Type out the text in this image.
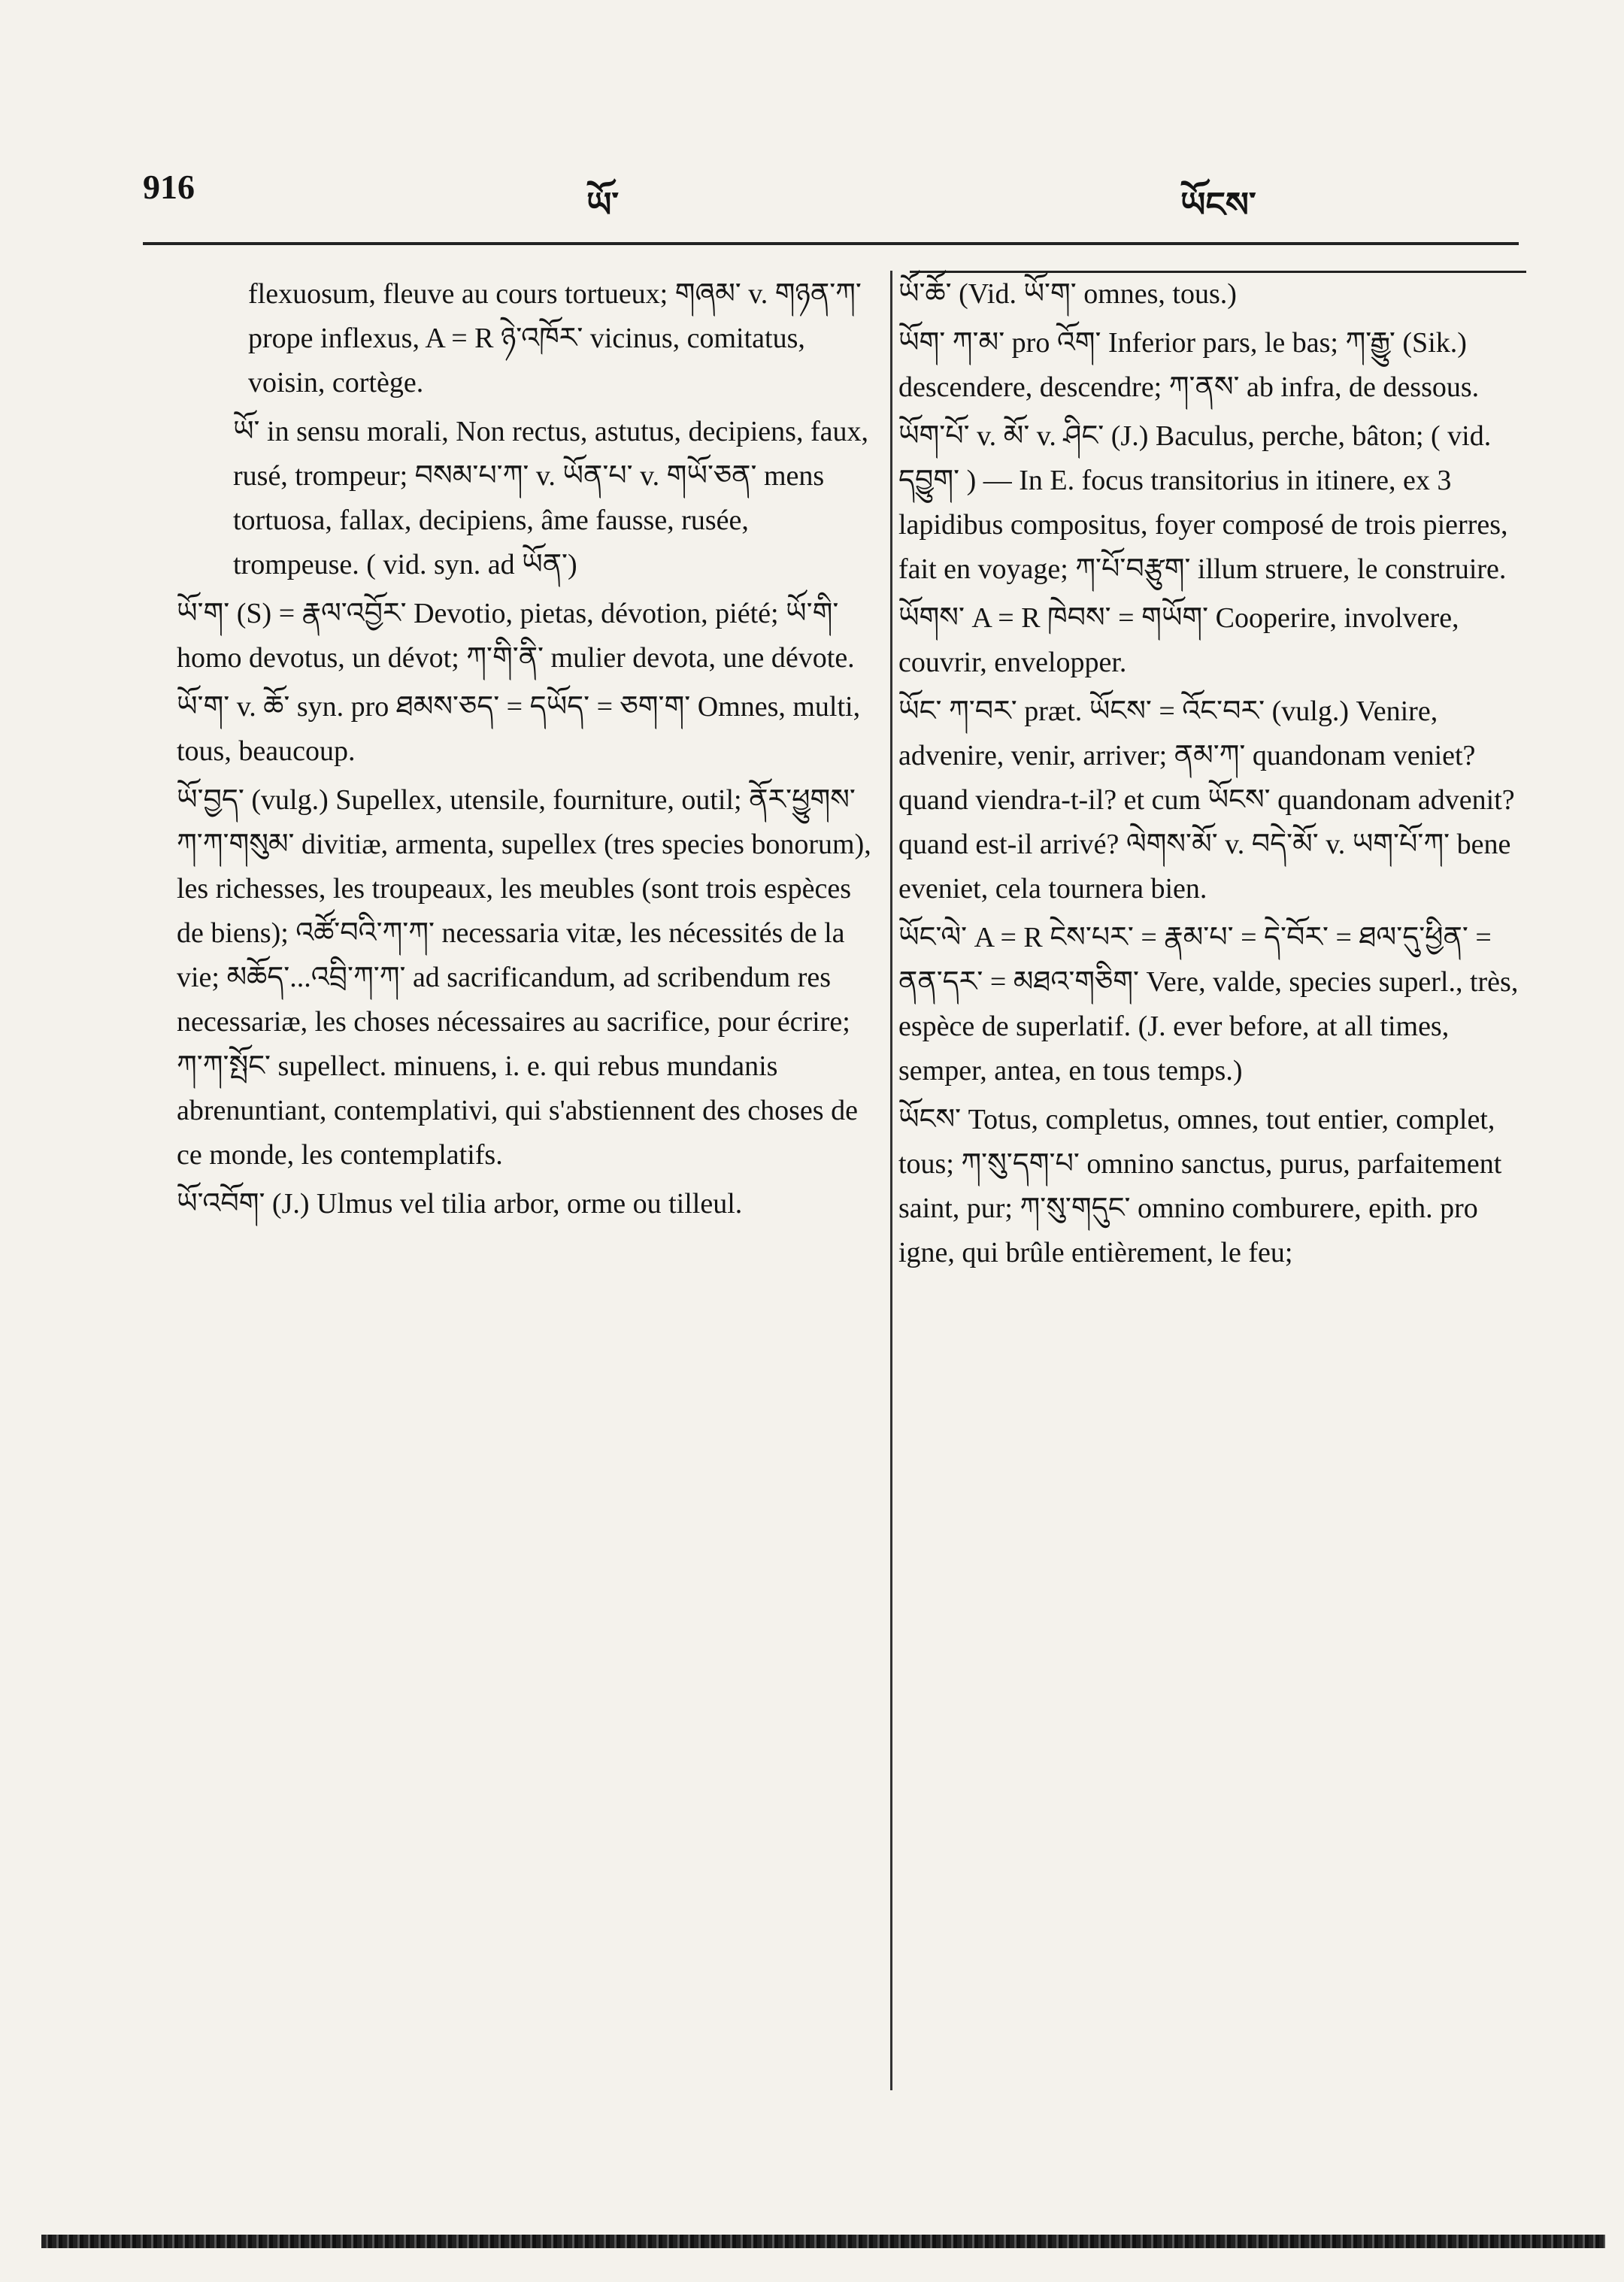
916	ཡོ་	ཡོངས་

flexuosum, fleuve au cours tortueux; གཞམ་ v. གཉན་ཀ་ prope inflexus, A = R ཉེ་འཁོར་ vicinus, comitatus, voisin, cortège.

ཡོ་ in sensu morali, Non rectus, astutus, decipiens, faux, rusé, trompeur; བསམ་པ་ཀ་ v. ཡོན་པ་ v. གཡོ་ཅན་ mens tortuosa, fallax, decipiens, âme fausse, rusée, trompeuse. ( vid. syn. ad ཡོན་)

ཡོ་ག་ (S) = རྣལ་འབྱོར་ Devotio, pietas, dévotion, piété; ཡོ་གི་ homo devotus, un dévot; ཀ་གི་ནི་ mulier devota, une dévote.

ཡོ་ག་ v. ཆོ་ syn. pro ཐམས་ཅད་ = དཡོད་ = ཅག་ག་ Omnes, multi, tous, beaucoup.

ཡོ་བྱད་ (vulg.) Supellex, utensile, fourniture, outil; ནོར་ཕྱུགས་ཀ་ཀ་གསུམ་ divitiæ, armenta, supellex (tres species bonorum), les richesses, les troupeaux, les meubles (sont trois espèces de biens); འཚོ་བའི་ཀ་ཀ་ necessaria vitæ, les nécessités de la vie; མཆོད་...འབྲི་ཀ་ཀ་ ad sacrificandum, ad scribendum res necessariæ, les choses nécessaires au sacrifice, pour écrire; ཀ་ཀ་སྤོང་ supellect. minuens, i. e. qui rebus mundanis abrenuntiant, contemplativi, qui s'abstiennent des choses de ce monde, les contemplatifs.

ཡོ་འབོག་ (J.) Ulmus vel tilia arbor, orme ou tilleul.

ཡོ་ཆོ་ (Vid. ཡོ་ག་ omnes, tous.)

ཡོག་ ཀ་མ་ pro འོག་ Inferior pars, le bas; ཀ་རྒྱུ་ (Sik.) descendere, descendre; ཀ་ནས་ ab infra, de dessous.

ཡོག་པོ་ v. མོ་ v. ཤིང་ (J.) Baculus, perche, bâton; ( vid. དབྱུག་ ) — In E. focus transitorius in itinere, ex 3 lapidibus compositus, foyer composé de trois pierres, fait en voyage; ཀ་པོ་བརྩུག་ illum struere, le construire.

ཡོགས་ A = R ཁེབས་ = གཡོག་ Cooperire, involvere, couvrir, envelopper.

ཡོང་ ཀ་བར་ præt. ཡོངས་ = འོང་བར་ (vulg.) Venire, advenire, venir, arriver; ནམ་ཀ་ quandonam veniet? quand viendra-t-il? et cum ཡོངས་ quandonam advenit? quand est-il arrivé? ལེགས་མོ་ v. བདེ་མོ་ v. ཡག་པོ་ཀ་ bene eveniet, cela tournera bien.

ཡོང་ལེ་ A = R ངེས་པར་ = རྣམ་པ་ = དེ་བོར་ = ཐལ་དུ་ཕྱིན་ = ནན་དར་ = མཐའ་གཅིག་ Vere, valde, species superl., très, espèce de superlatif. (J. ever before, at all times, semper, antea, en tous temps.)

ཡོངས་ Totus, completus, omnes, tout entier, complet, tous; ཀ་སུ་དག་པ་ omnino sanctus, purus, parfaitement saint, pur; ཀ་སུ་གདུང་ omnino comburere, epith. pro igne, qui brûle entièrement, le feu;
